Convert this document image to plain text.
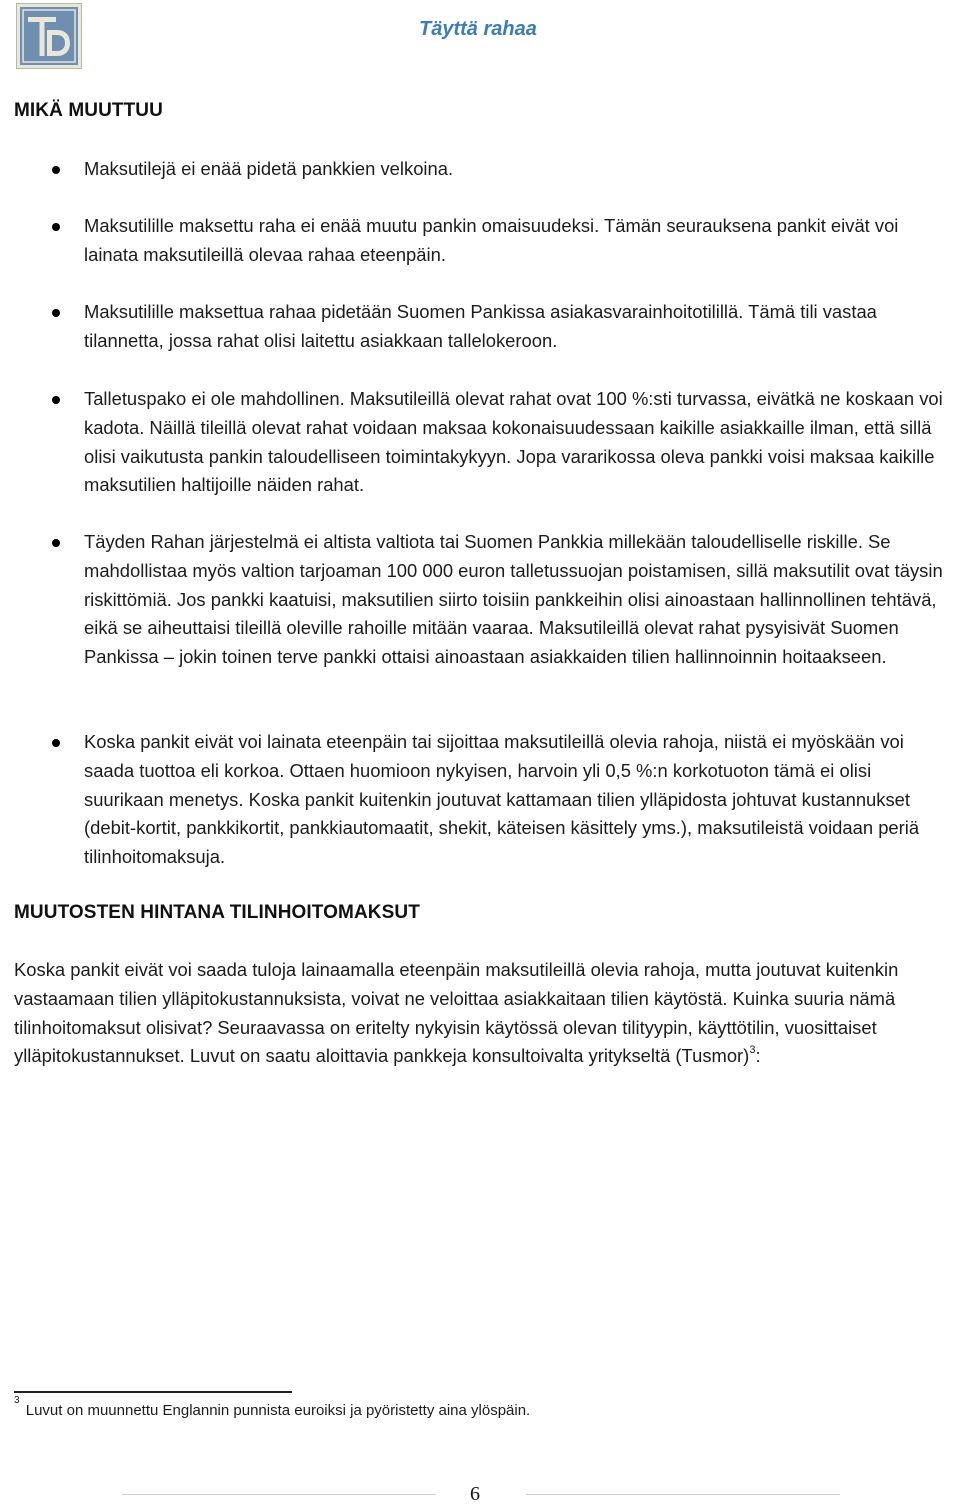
Täyttä rahaa
MIKÄ MUUTTUU

Maksutilejä ei enää pidetä pankkien velkoina.

Maksutilille maksettu raha ei enää muutu pankin omaisuudeksi. Tämän seurauksena pankit eivät voi lainata maksutileillä olevaa rahaa eteenpäin.

Maksutilille maksettua rahaa pidetään Suomen Pankissa asiakasvarainhoitotilillä. Tämä tili vastaa tilannetta, jossa rahat olisi laitettu asiakkaan tallelokeroon.

Talletuspako ei ole mahdollinen. Maksutileillä olevat rahat ovat 100 %:sti turvassa, eivätkä ne koskaan voi kadota. Näillä tileillä olevat rahat voidaan maksaa kokonaisuudessaan kaikille asiakkaille ilman, että sillä olisi vaikutusta pankin taloudelliseen toimintakykyyn. Jopa vararikossa oleva pankki voisi maksaa kaikille maksutilien haltijoille näiden rahat.

Täyden Rahan järjestelmä ei altista valtiota tai Suomen Pankkia millekään taloudelliselle riskille. Se mahdollistaa myös valtion tarjoaman 100 000 euron talletussuojan poistamisen, sillä maksutilit ovat täysin riskittömiä. Jos pankki kaatuisi, maksutilien siirto toisiin pankkeihin olisi ainoastaan hallinnollinen tehtävä, eikä se aiheuttaisi tileillä oleville rahoille mitään vaaraa. Maksutileillä olevat rahat pysyisivät Suomen Pankissa – jokin toinen terve pankki ottaisi ainoastaan asiakkaiden tilien hallinnoinnin hoitaakseen.

Koska pankit eivät voi lainata eteenpäin tai sijoittaa maksutileillä olevia rahoja, niistä ei myöskään voi saada tuottoa eli korkoa. Ottaen huomioon nykyisen, harvoin yli 0,5 %:n korkotuoton tämä ei olisi suurikaan menetys. Koska pankit kuitenkin joutuvat kattamaan tilien ylläpidosta johtuvat kustannukset (debit-kortit, pankkikortit, pankkiautomaatit, shekit, käteisen käsittely yms.), maksutileistä voidaan periä tilinhoitomaksuja.

MUUTOSTEN HINTANA TILINHOITOMAKSUT

Koska pankit eivät voi saada tuloja lainaamalla eteenpäin maksutileillä olevia rahoja, mutta joutuvat kuitenkin vastaamaan tilien ylläpitokustannuksista, voivat ne veloittaa asiakkaitaan tilien käytöstä. Kuinka suuria nämä tilinhoitomaksut olisivat? Seuraavassa on eritelty nykyisin käytössä olevan tilityypin, käyttötilin, vuosittaiset ylläpitokustannukset. Luvut on saatu aloittavia pankkeja konsultoivalta yritykseltä (Tusmor)$^3$:

$^3$ Luvut on muunnettu Englannin punnista euroiksi ja pyöristetty aina ylöspäin.
6
